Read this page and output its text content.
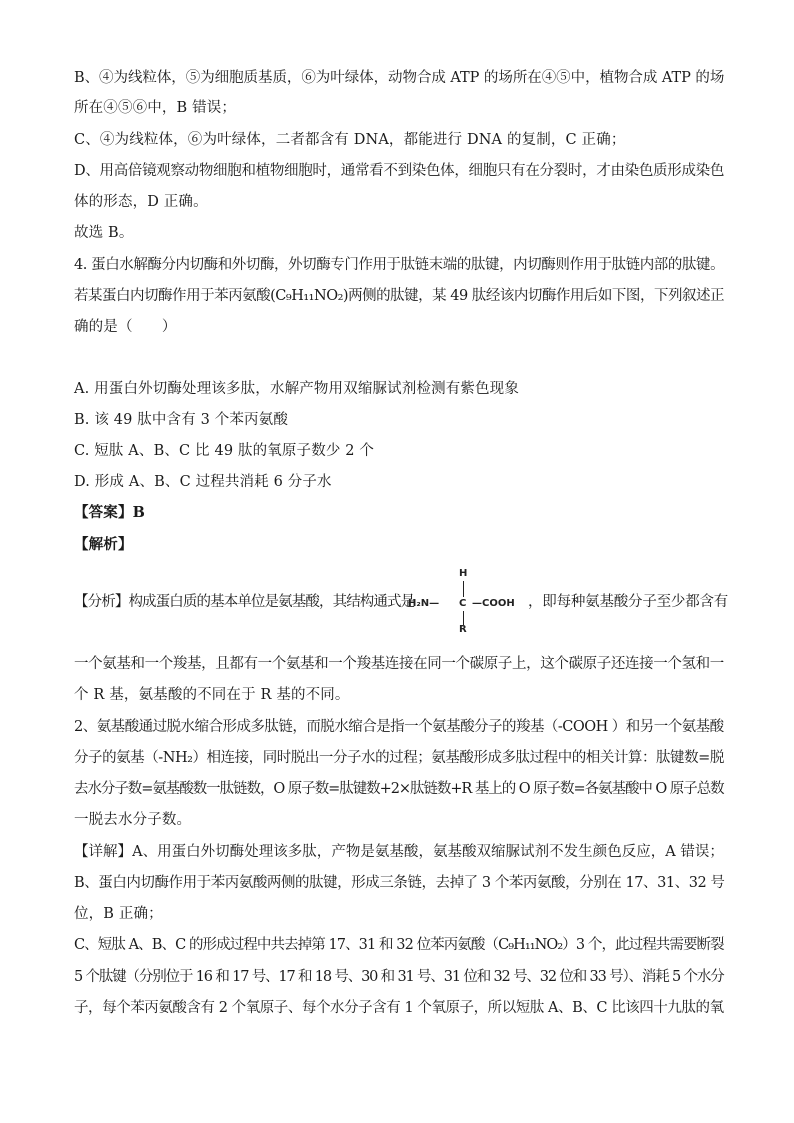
B、④为线粒体，⑤为细胞质基质，⑥为叶绿体，动物合成 ATP 的场所在④⑤中，植物合成 ATP 的场
所在④⑤⑥中，B 错误；
C、④为线粒体，⑥为叶绿体，二者都含有 DNA，都能进行 DNA 的复制，C 正确；
D、用高倍镜观察动物细胞和植物细胞时，通常看不到染色体，细胞只有在分裂时，才由染色质形成染色
体的形态，D 正确。
故选 B。
4. 蛋白水解酶分内切酶和外切酶，外切酶专门作用于肽链末端的肽键，内切酶则作用于肽链内部的肽键。
若某蛋白内切酶作用于苯丙氨酸(C₉H₁₁NO₂)两侧的肽键，某 49 肽经该内切酶作用后如下图，下列叙述正
确的是（　　）
A. 用蛋白外切酶处理该多肽，水解产物用双缩脲试剂检测有紫色现象
B. 该 49 肽中含有 3 个苯丙氨酸
C. 短肽 A、B、C 比 49 肽的氧原子数少 2 个
D. 形成 A、B、C 过程共消耗 6 分子水
【答案】B
【解析】
【分析】构成蛋白质的基本单位是氨基酸，其结构通式是	，即每种氨基酸分子至少都含有
H
H₂N— C —COOH
R
一个氨基和一个羧基，且都有一个氨基和一个羧基连接在同一个碳原子上，这个碳原子还连接一个氢和一
个 R 基，氨基酸的不同在于 R 基的不同。
2、氨基酸通过脱水缩合形成多肽链，而脱水缩合是指一个氨基酸分子的羧基（-COOH ）和另一个氨基酸
分子的氨基（-NH₂）相连接，同时脱出一分子水的过程；氨基酸形成多肽过程中的相关计算：肽键数=脱
去水分子数=氨基酸数一肽链数，O 原子数=肽键数+2×肽链数+R 基上的 O 原子数=各氨基酸中 O 原子总数
一脱去水分子数。
【详解】A、用蛋白外切酶处理该多肽，产物是氨基酸，氨基酸双缩脲试剂不发生颜色反应，A 错误；
B、蛋白内切酶作用于苯丙氨酸两侧的肽键，形成三条链，去掉了 3 个苯丙氨酸，分别在 17、31、32 号
位，B 正确；
C、短肽 A、B、C 的形成过程中共去掉第 17、31 和 32 位苯丙氨酸（C₉H₁₁NO₂）3 个，此过程共需要断裂
5 个肽键（分别位于 16 和 17 号、17 和 18 号、30 和 31 号、31 位和 32 号、32 位和 33 号）、消耗 5 个水分
子，每个苯丙氨酸含有 2 个氧原子、每个水分子含有 1 个氧原子，所以短肽 A、B、C 比该四十九肽的氧
